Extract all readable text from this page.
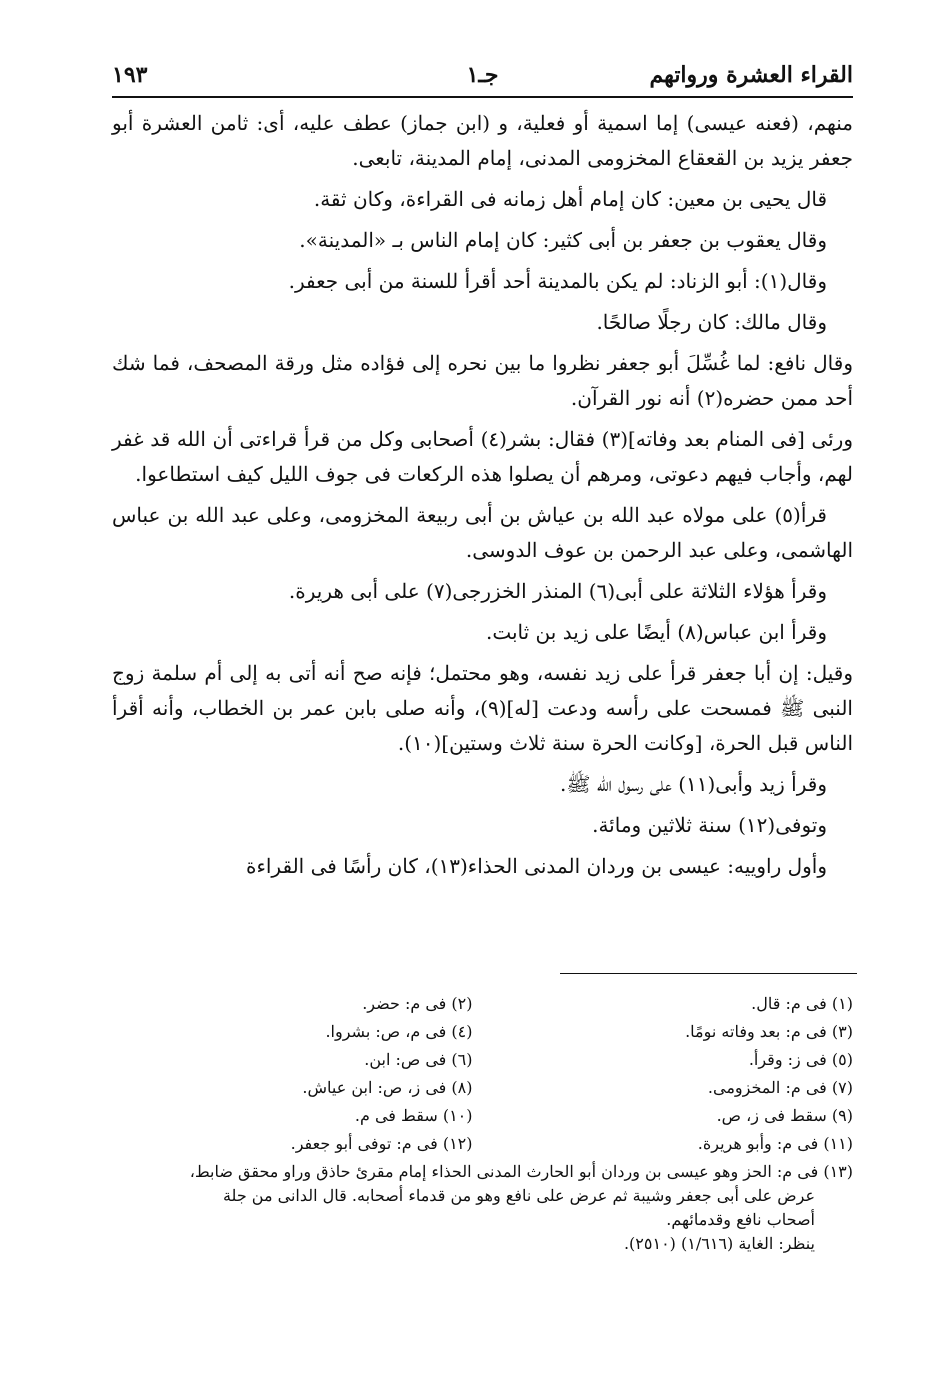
القراء العشرة ورواتهم
جـ١
١٩٣

منهم، (فعنه عيسى) إما اسمية أو فعلية، و (ابن جماز) عطف عليه، أى: ثامن العشرة أبو جعفر يزيد بن القعقاع المخزومى المدنى، إمام المدينة، تابعى.

قال يحيى بن معين: كان إمام أهل زمانه فى القراءة، وكان ثقة.

وقال يعقوب بن جعفر بن أبى كثير: كان إمام الناس بـ «المدينة».

وقال(١): أبو الزناد: لم يكن بالمدينة أحد أقرأ للسنة من أبى جعفر.

وقال مالك: كان رجلًا صالحًا.

وقال نافع: لما غُسِّلَ أبو جعفر نظروا ما بين نحره إلى فؤاده مثل ورقة المصحف، فما شك أحد ممن حضره(٢) أنه نور القرآن.

ورئى [فى المنام بعد وفاته](٣) فقال: بشر(٤) أصحابى وكل من قرأ قراءتى أن الله قد غفر لهم، وأجاب فيهم دعوتى، ومرهم أن يصلوا هذه الركعات فى جوف الليل كيف استطاعوا.

قرأ(٥) على مولاه عبد الله بن عياش بن أبى ربيعة المخزومى، وعلى عبد الله بن عباس الهاشمى، وعلى عبد الرحمن بن عوف الدوسى.

وقرأ هؤلاء الثلاثة على أبى(٦) المنذر الخزرجى(٧) على أبى هريرة.

وقرأ ابن عباس(٨) أيضًا على زيد بن ثابت.

وقيل: إن أبا جعفر قرأ على زيد نفسه، وهو محتمل؛ فإنه صح أنه أتى به إلى أم سلمة زوج النبى ﷺ فمسحت على رأسه ودعت [له](٩)، وأنه صلى بابن عمر بن الخطاب، وأنه أقرأ الناس قبل الحرة، [وكانت الحرة سنة ثلاث وستين](١٠).

وقرأ زيد وأبى(١١) على رسول الله ﷺ.

وتوفى(١٢) سنة ثلاثين ومائة.

وأول راوييه: عيسى بن وردان المدنى الحذاء(١٣)، كان رأسًا فى القراءة

(١) فى م: قال.
(٢) فى م: حضر.
(٣) فى م: بعد وفاته نومًا.
(٤) فى م، ص: بشروا.
(٥) فى ز: وقرأ.
(٦) فى ص: ابن.
(٧) فى م: المخزومى.
(٨) فى ز، ص: ابن عياش.
(٩) سقط فى ز، ص.
(١٠) سقط فى م.
(١١) فى م: وأبو هريرة.
(١٢) فى م: توفى أبو جعفر.
(١٣) فى م: الحز وهو عيسى بن وردان أبو الحارث المدنى الحذاء إمام مقرئ حاذق وراو محقق ضابط،
عرض على أبى جعفر وشيبة ثم عرض على نافع وهو من قدماء أصحابه. قال الدانى من جلة
أصحاب نافع وقدمائهم.
ينظر: الغاية (١/٦١٦) (٢٥١٠).
